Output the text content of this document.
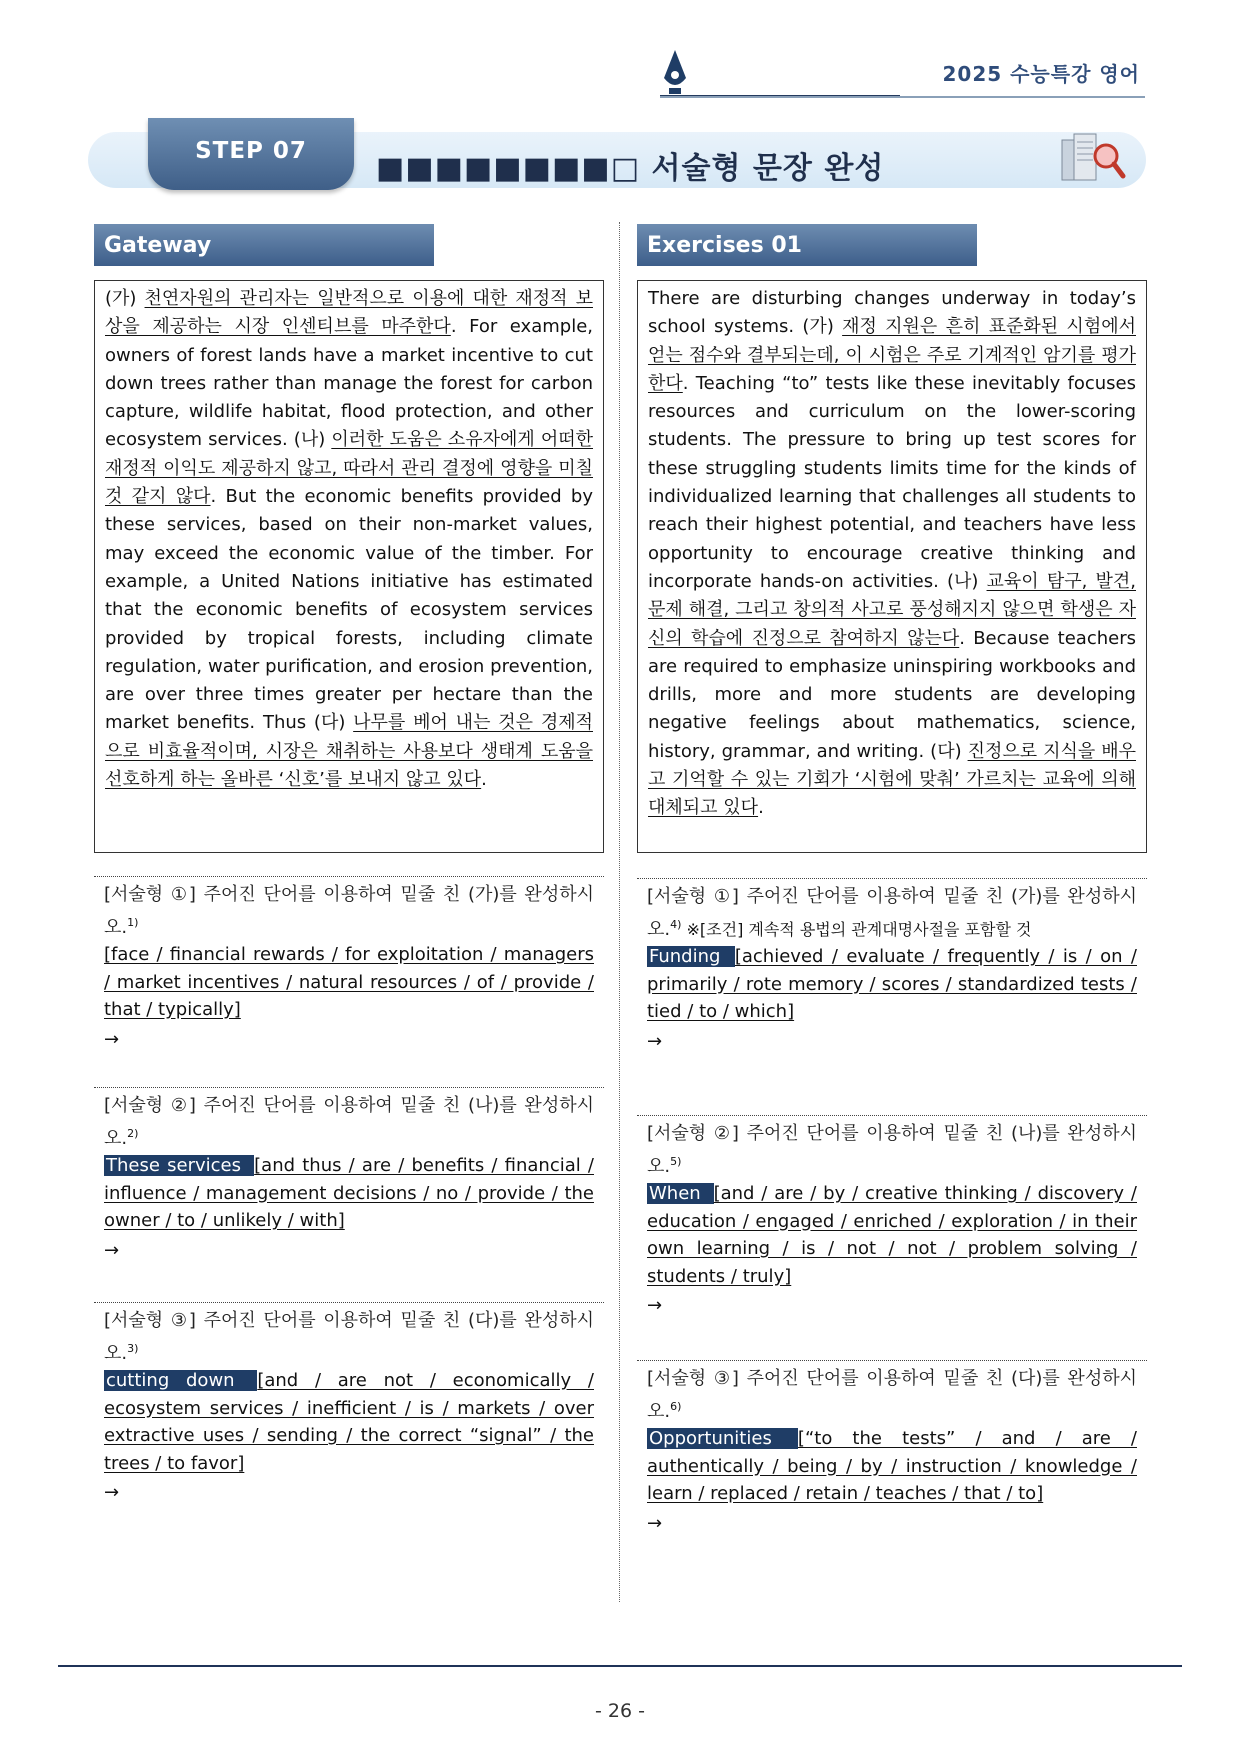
2025 수능특강 영어
STEP 07	■■■■■■■■□ 서술형 문장 완성
Gateway
(가) 천연자원의 관리자는 일반적으로 이용에 대한 재정적 보상을 제공하는 시장 인센티브를 마주한다. For example, owners of forest lands have a market incentive to cut down trees rather than manage the forest for carbon capture, wildlife habitat, flood protection, and other ecosystem services. (나) 이러한 도움은 소유자에게 어떠한 재정적 이익도 제공하지 않고, 따라서 관리 결정에 영향을 미칠 것 같지 않다. But the economic benefits provided by these services, based on their non-market values, may exceed the economic value of the timber. For example, a United Nations initiative has estimated that the economic benefits of ecosystem services provided by tropical forests, including climate regulation, water purification, and erosion prevention, are over three times greater per hectare than the market benefits. Thus (다) 나무를 베어 내는 것은 경제적으로 비효율적이며, 시장은 채취하는 사용보다 생태계 도움을 선호하게 하는 올바른 ‘신호’를 보내지 않고 있다.
[서술형 ①] 주어진 단어를 이용하여 밑줄 친 (가)를 완성하시오.$^{1)}$
[face / financial rewards / for exploitation / managers / market incentives / natural resources / of / provide / that / typically]
→
[서술형 ②] 주어진 단어를 이용하여 밑줄 친 (나)를 완성하시오.$^{2)}$
These services [and thus / are / benefits / financial / influence / management decisions / no / provide / the owner / to / unlikely / with]
→
[서술형 ③] 주어진 단어를 이용하여 밑줄 친 (다)를 완성하시오.$^{3)}$
cutting down [and / are not / economically / ecosystem services / inefficient / is / markets / over extractive uses / sending / the correct “signal” / the trees / to favor]
→
Exercises 01
There are disturbing changes underway in today’s school systems. (가) 재정 지원은 흔히 표준화된 시험에서 얻는 점수와 결부되는데, 이 시험은 주로 기계적인 암기를 평가한다. Teaching “to” tests like these inevitably focuses resources and curriculum on the lower-scoring students. The pressure to bring up test scores for these struggling students limits time for the kinds of individualized learning that challenges all students to reach their highest potential, and teachers have less opportunity to encourage creative thinking and incorporate hands-on activities. (나) 교육이 탐구, 발견, 문제 해결, 그리고 창의적 사고로 풍성해지지 않으면 학생은 자신의 학습에 진정으로 참여하지 않는다. Because teachers are required to emphasize uninspiring workbooks and drills, more and more students are developing negative feelings about mathematics, science, history, grammar, and writing. (다) 진정으로 지식을 배우고 기억할 수 있는 기회가 ‘시험에 맞춰’ 가르치는 교육에 의해 대체되고 있다.
[서술형 ①] 주어진 단어를 이용하여 밑줄 친 (가)를 완성하시오.$^{4)}$ ※[조건] 계속적 용법의 관계대명사절을 포함할 것
Funding [achieved / evaluate / frequently / is / on / primarily / rote memory / scores / standardized tests / tied / to / which]
→
[서술형 ②] 주어진 단어를 이용하여 밑줄 친 (나)를 완성하시오.$^{5)}$
When [and / are / by / creative thinking / discovery / education / engaged / enriched / exploration / in their own learning / is / not / not / problem solving / students / truly]
→
[서술형 ③] 주어진 단어를 이용하여 밑줄 친 (다)를 완성하시오.$^{6)}$
Opportunities [“to the tests” / and / are / authentically / being / by / instruction / knowledge / learn / replaced / retain / teaches / that / to]
→
- 26 -
